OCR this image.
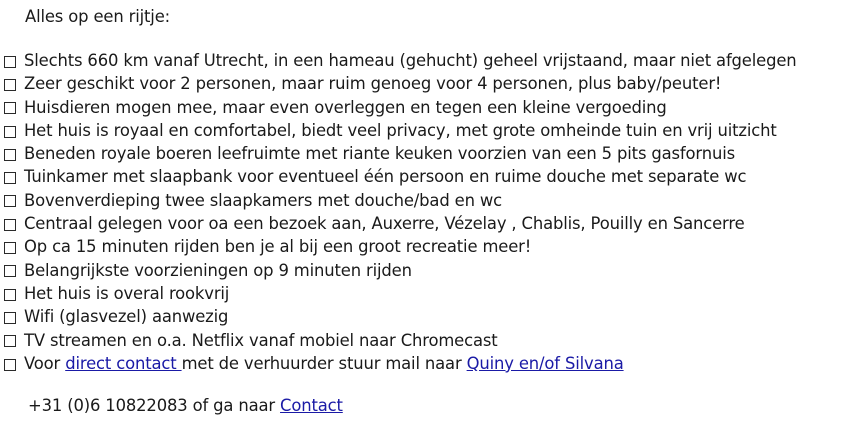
Alles op een rijtje:
Slechts 660 km vanaf Utrecht, in een hameau (gehucht) geheel vrijstaand, maar niet afgelegen
Zeer geschikt voor 2 personen, maar ruim genoeg voor 4 personen, plus baby/peuter!
Huisdieren mogen mee, maar even overleggen en tegen een kleine vergoeding
Het huis is royaal en comfortabel, biedt veel privacy, met grote omheinde tuin en vrij uitzicht
Beneden royale boeren leefruimte met riante keuken voorzien van een 5 pits gasfornuis
Tuinkamer met slaapbank voor eventueel één persoon en ruime douche met separate wc
Bovenverdieping twee slaapkamers met douche/bad en wc
Centraal gelegen voor oa een bezoek aan, Auxerre, Vézelay , Chablis, Pouilly en Sancerre
Op ca 15 minuten rijden ben je al bij een groot recreatie meer!
Belangrijkste voorzieningen op 9 minuten rijden
Het huis is overal rookvrij
Wifi (glasvezel) aanwezig
TV streamen en o.a. Netflix vanaf mobiel naar Chromecast
Voor direct contact met de verhuurder stuur mail naar Quiny en/of Silvana
+31 (0)6 10822083 of ga naar Contact
